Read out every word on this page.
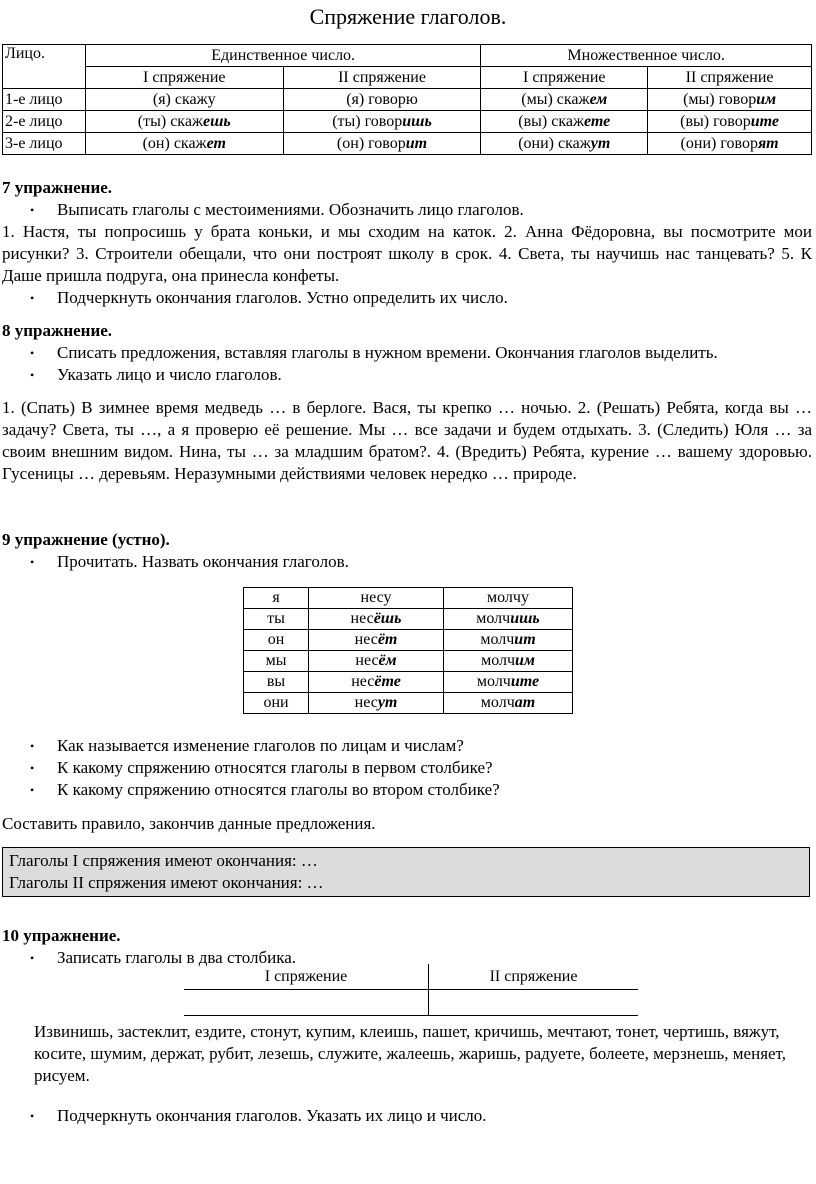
Спряжение глаголов.
Лицо.	Единственное число.		Множественное число.	
	I спряжение	II спряжение	I спряжение	II спряжение
1-е лицо	(я) скажу	(я) говорю	(мы) скажем	(мы) говорим
2-е лицо	(ты) скажешь	(ты) говоришь	(вы) скажете	(вы) говорите
3-е лицо	(он) скажет	(он) говорит	(они) скажут	(они) говорят
7 упражнение.
• Выписать глаголы с местоимениями. Обозначить лицо глаголов.
1. Настя, ты попросишь у брата коньки, и мы сходим на каток. 2. Анна Фёдоровна, вы посмотрите мои рисунки? 3. Строители обещали, что они построят школу в срок. 4. Света, ты научишь нас танцевать? 5. К Даше пришла подруга, она принесла конфеты.
• Подчеркнуть окончания глаголов. Устно определить их число.
8 упражнение.
• Списать предложения, вставляя глаголы в нужном времени. Окончания глаголов выделить.
• Указать лицо и число глаголов.
1. (Спать) В зимнее время медведь … в берлоге. Вася, ты крепко … ночью. 2. (Решать) Ребята, когда вы … задачу? Света, ты …, а я проверю её решение. Мы … все задачи и будем отдыхать. 3. (Следить) Юля … за своим внешним видом. Нина, ты … за младшим братом?. 4. (Вредить) Ребята, курение … вашему здоровью. Гусеницы … деревьям. Неразумными действиями человек нередко … природе.
9 упражнение (устно).
• Прочитать. Назвать окончания глаголов.
я	несу	молчу
ты	несёшь	молчишь
он	несёт	молчит
мы	несём	молчим
вы	несёте	молчите
они	несут	молчат
• Как называется изменение глаголов по лицам и числам?
• К какому спряжению относятся глаголы в первом столбике?
• К какому спряжению относятся глаголы во втором столбике?
Составить правило, закончив данные предложения.
Глаголы I спряжения имеют окончания: …
Глаголы II спряжения имеют окончания: …
10 упражнение.
• Записать глаголы в два столбика.
I спряжение	II спряжение

Извинишь, застеклит, ездите, стонут, купим, клеишь, пашет, кричишь, мечтают, тонет, чертишь, вяжут, косите, шумим, держат, рубит, лезешь, служите, жалеешь, жаришь, радуете, болеете, мерзнешь, меняет, рисуем.
• Подчеркнуть окончания глаголов. Указать их лицо и число.
